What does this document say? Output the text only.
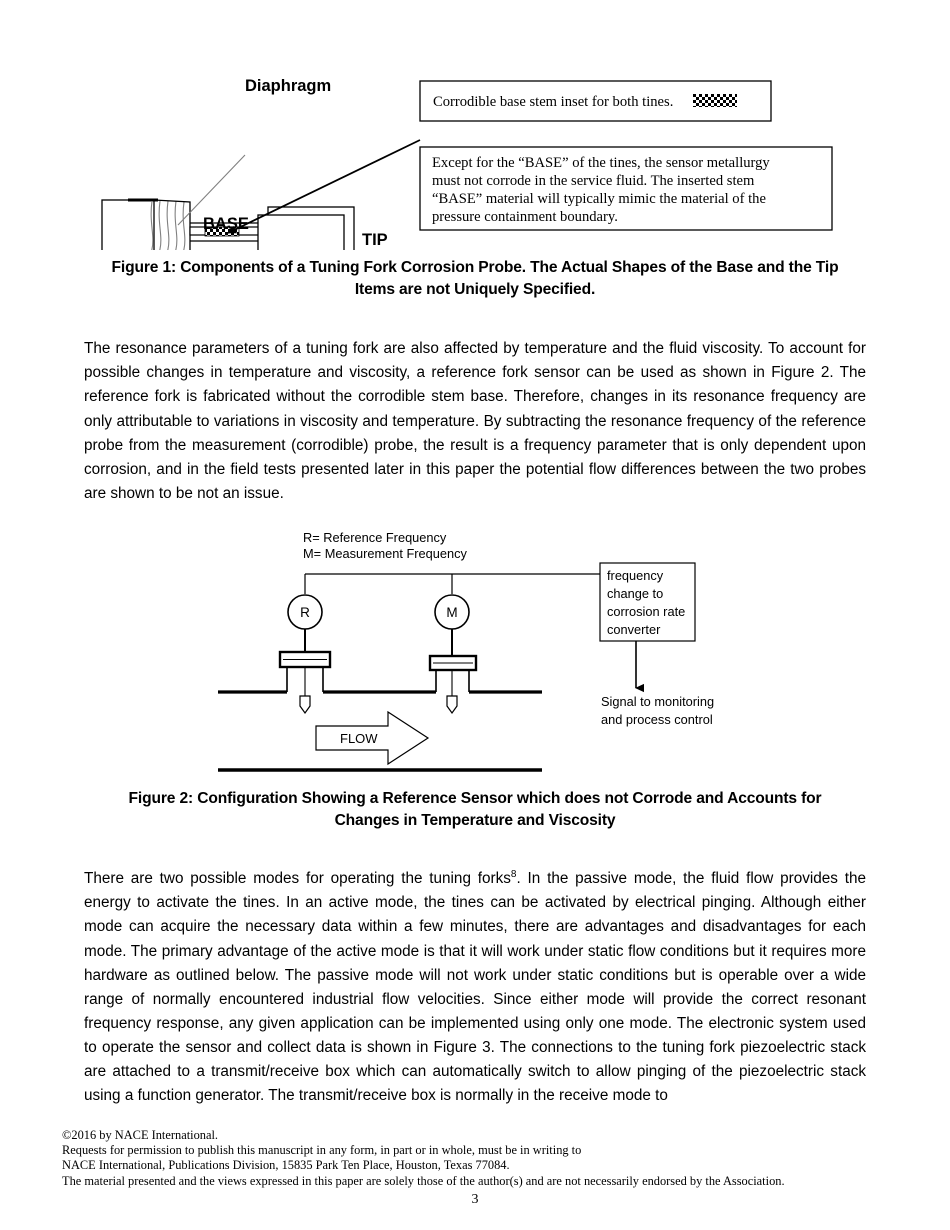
Diaphragm
BASE
TIP
Corrodible base stem inset for both tines.
Except for the “BASE” of the tines, the sensor metallurgy
must not corrode in the service fluid. The inserted stem
“BASE” material will typically mimic the material of the
pressure containment boundary.
Figure 1: Components of a Tuning Fork Corrosion Probe. The Actual Shapes of the Base and the Tip Items are not Uniquely Specified.

The resonance parameters of a tuning fork are also affected by temperature and the fluid viscosity. To account for possible changes in temperature and viscosity, a reference fork sensor can be used as shown in Figure 2. The reference fork is fabricated without the corrodible stem base. Therefore, changes in its resonance frequency are only attributable to variations in viscosity and temperature. By subtracting the resonance frequency of the reference probe from the measurement (corrodible) probe, the result is a frequency parameter that is only dependent upon corrosion, and in the field tests presented later in this paper the potential flow differences between the two probes are shown to be not an issue.

R= Reference Frequency
M= Measurement Frequency
R	M
FLOW
frequency
change to
corrosion rate
converter
Signal to monitoring
and process control
Figure 2: Configuration Showing a Reference Sensor which does not Corrode and Accounts for Changes in Temperature and Viscosity

There are two possible modes for operating the tuning forks$^8$. In the passive mode, the fluid flow provides the energy to activate the tines. In an active mode, the tines can be activated by electrical pinging. Although either mode can acquire the necessary data within a few minutes, there are advantages and disadvantages for each mode. The primary advantage of the active mode is that it will work under static flow conditions but it requires more hardware as outlined below. The passive mode will not work under static conditions but is operable over a wide range of normally encountered industrial flow velocities. Since either mode will provide the correct resonant frequency response, any given application can be implemented using only one mode. The electronic system used to operate the sensor and collect data is shown in Figure 3. The connections to the tuning fork piezoelectric stack are attached to a transmit/receive box which can automatically switch to allow pinging of the piezoelectric stack using a function generator. The transmit/receive box is normally in the receive mode to

©2016 by NACE International.
Requests for permission to publish this manuscript in any form, in part or in whole, must be in writing to
NACE International, Publications Division, 15835 Park Ten Place, Houston, Texas 77084.
The material presented and the views expressed in this paper are solely those of the author(s) and are not necessarily endorsed by the Association.
3
